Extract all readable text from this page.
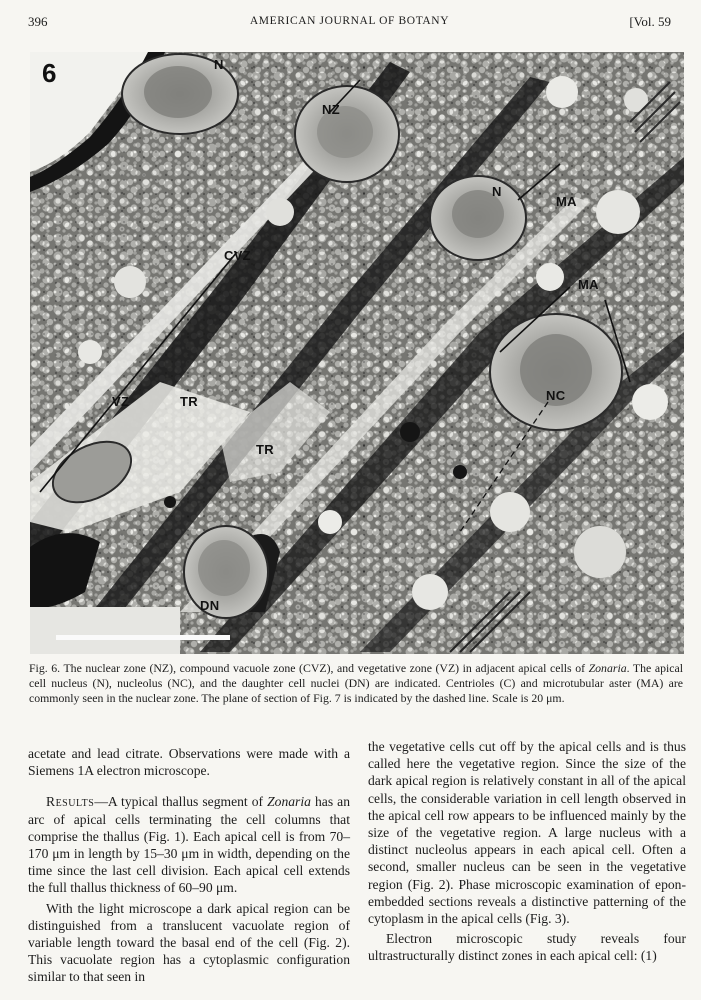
396	AMERICAN JOURNAL OF BOTANY	[Vol. 59
6	N
NZ
N
MA
CVZ
MA
NC
VZ	TR
TR
DN
Fig. 6. The nuclear zone (NZ), compound vacuole zone (CVZ), and vegetative zone (VZ) in adjacent apical cells of Zonaria. The apical cell nucleus (N), nucleolus (NC), and the daughter cell nuclei (DN) are indicated. Centrioles (C) and microtubular aster (MA) are commonly seen in the nuclear zone. The plane of section of Fig. 7 is indicated by the dashed line. Scale is 20 μm.

acetate and lead citrate. Observations were made with a Siemens 1A electron microscope.

Results—A typical thallus segment of Zonaria has an arc of apical cells terminating the cell columns that comprise the thallus (Fig. 1). Each apical cell is from 70–170 μm in length by 15–30 μm in width, depending on the time since the last cell division. Each apical cell extends the full thallus thickness of 60–90 μm.

With the light microscope a dark apical region can be distinguished from a translucent vacuolate region of variable length toward the basal end of the cell (Fig. 2). This vacuolate region has a cytoplasmic configuration similar to that seen in

the vegetative cells cut off by the apical cells and is thus called here the vegetative region. Since the size of the dark apical region is relatively constant in all of the apical cells, the considerable variation in cell length observed in the apical cell row appears to be influenced mainly by the size of the vegetative region. A large nucleus with a distinct nucleolus appears in each apical cell. Often a second, smaller nucleus can be seen in the vegetative region (Fig. 2). Phase microscopic examination of epon-embedded sections reveals a distinctive patterning of the cytoplasm in the apical cells (Fig. 3).

Electron microscopic study reveals four ultrastructurally distinct zones in each apical cell: (1)
